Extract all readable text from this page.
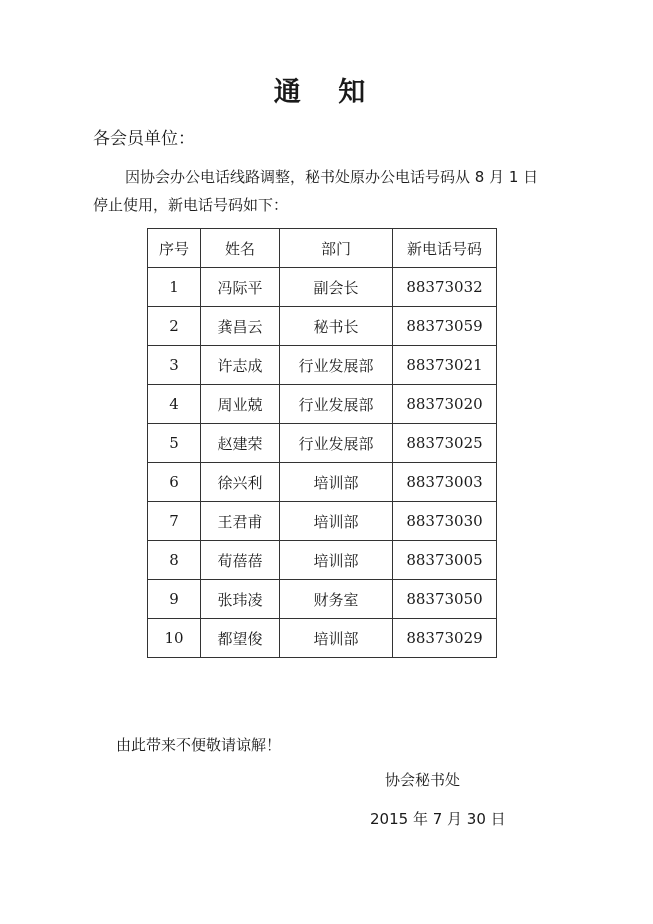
通 知
各会员单位：
因协会办公电话线路调整，秘书处原办公电话号码从 8 月 1 日
停止使用，新电话号码如下：
序号	姓名	部门	新电话号码
1	冯际平	副会长	88373032
2	龚昌云	秘书长	88373059
3	许志成	行业发展部	88373021
4	周业兢	行业发展部	88373020
5	赵建荣	行业发展部	88373025
6	徐兴利	培训部	88373003
7	王君甫	培训部	88373030
8	荀蓓蓓	培训部	88373005
9	张玮凌	财务室	88373050
10	都望俊	培训部	88373029
由此带来不便敬请谅解！
协会秘书处
2015 年 7 月 30 日
